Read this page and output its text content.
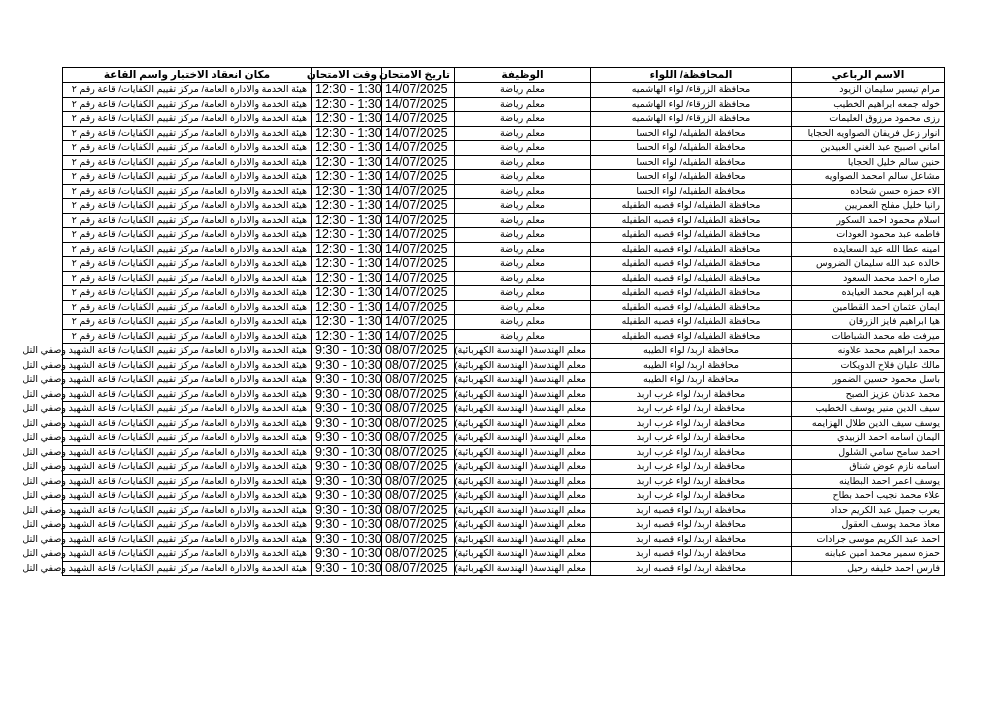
الاسم الرباعي	المحافظة/ اللواء	الوظيفة	تاريخ الامتحان	وقت الامتحان	مكان انعقاد الاختبار واسم القاعة
مرام تيسير سليمان الزيود	محافظة الزرقاء/ لواء الهاشميه	معلم رياضة	14/07/2025	12:30 - 1:30	هيئة الخدمة والادارة العامة/ مركز تقييم الكفايات/ قاعة رقم ٢
خوله جمعه ابراهيم الخطيب	محافظة الزرقاء/ لواء الهاشميه	معلم رياضة	14/07/2025	12:30 - 1:30	هيئة الخدمة والادارة العامة/ مركز تقييم الكفايات/ قاعة رقم ٢
رزى محمود مرزوق العليمات	محافظة الزرقاء/ لواء الهاشميه	معلم رياضة	14/07/2025	12:30 - 1:30	هيئة الخدمة والادارة العامة/ مركز تقييم الكفايات/ قاعة رقم ٢
انوار زعل فريفان الصواويه الحجايا	محافظة الطفيله/ لواء الحسا	معلم رياضة	14/07/2025	12:30 - 1:30	هيئة الخدمة والادارة العامة/ مركز تقييم الكفايات/ قاعة رقم ٢
اماني اصبيح عبد الغني العبيدين	محافظة الطفيله/ لواء الحسا	معلم رياضة	14/07/2025	12:30 - 1:30	هيئة الخدمة والادارة العامة/ مركز تقييم الكفايات/ قاعة رقم ٢
حنين سالم خليل الحجايا	محافظة الطفيله/ لواء الحسا	معلم رياضة	14/07/2025	12:30 - 1:30	هيئة الخدمة والادارة العامة/ مركز تقييم الكفايات/ قاعة رقم ٢
مشاعل سالم امحمد الصواويه	محافظة الطفيله/ لواء الحسا	معلم رياضة	14/07/2025	12:30 - 1:30	هيئة الخدمة والادارة العامة/ مركز تقييم الكفايات/ قاعة رقم ٢
الاء حمزه حسن شحاده	محافظة الطفيله/ لواء الحسا	معلم رياضة	14/07/2025	12:30 - 1:30	هيئة الخدمة والادارة العامة/ مركز تقييم الكفايات/ قاعة رقم ٢
رانيا خليل مفلح العمريين	محافظة الطفيله/ لواء قصبه الطفيله	معلم رياضة	14/07/2025	12:30 - 1:30	هيئة الخدمة والادارة العامة/ مركز تقييم الكفايات/ قاعة رقم ٢
اسلام محمود احمد السكور	محافظة الطفيله/ لواء قصبه الطفيله	معلم رياضة	14/07/2025	12:30 - 1:30	هيئة الخدمة والادارة العامة/ مركز تقييم الكفايات/ قاعة رقم ٢
فاطمه عبد محمود العودات	محافظة الطفيله/ لواء قصبه الطفيله	معلم رياضة	14/07/2025	12:30 - 1:30	هيئة الخدمة والادارة العامة/ مركز تقييم الكفايات/ قاعة رقم ٢
امينه عطا الله عيد السعايده	محافظة الطفيله/ لواء قصبه الطفيله	معلم رياضة	14/07/2025	12:30 - 1:30	هيئة الخدمة والادارة العامة/ مركز تقييم الكفايات/ قاعة رقم ٢
خالده عبد الله سليمان الضروس	محافظة الطفيله/ لواء قصبه الطفيله	معلم رياضة	14/07/2025	12:30 - 1:30	هيئة الخدمة والادارة العامة/ مركز تقييم الكفايات/ قاعة رقم ٢
صاره احمد محمد السعود	محافظة الطفيله/ لواء قصبه الطفيله	معلم رياضة	14/07/2025	12:30 - 1:30	هيئة الخدمة والادارة العامة/ مركز تقييم الكفايات/ قاعة رقم ٢
هيه ابراهيم محمد العيايده	محافظة الطفيله/ لواء قصبه الطفيله	معلم رياضة	14/07/2025	12:30 - 1:30	هيئة الخدمة والادارة العامة/ مركز تقييم الكفايات/ قاعة رقم ٢
ايمان عثمان احمد القطامين	محافظة الطفيله/ لواء قصبه الطفيله	معلم رياضة	14/07/2025	12:30 - 1:30	هيئة الخدمة والادارة العامة/ مركز تقييم الكفايات/ قاعة رقم ٢
هيا ابراهيم فايز الزرقان	محافظة الطفيله/ لواء قصبه الطفيله	معلم رياضة	14/07/2025	12:30 - 1:30	هيئة الخدمة والادارة العامة/ مركز تقييم الكفايات/ قاعة رقم ٢
ميرفت طه محمد الشباطات	محافظة الطفيله/ لواء قصبه الطفيله	معلم رياضة	14/07/2025	12:30 - 1:30	هيئة الخدمة والادارة العامة/ مركز تقييم الكفايات/ قاعة رقم ٢
محمد ابراهيم محمد علاونه	محافظة اربد/ لواء الطيبه	معلم الهندسة( الهندسة الكهربائية)	08/07/2025	9:30 - 10:30	هيئة الخدمة والادارة العامة/ مركز تقييم الكفايات/ قاعة الشهيد وصفي التل
مالك عليان فلاح الدويكات	محافظة اربد/ لواء الطيبه	معلم الهندسة( الهندسة الكهربائية)	08/07/2025	9:30 - 10:30	هيئة الخدمة والادارة العامة/ مركز تقييم الكفايات/ قاعة الشهيد وصفي التل
باسل محمود حسين الضمور	محافظة اربد/ لواء الطيبه	معلم الهندسة( الهندسة الكهربائية)	08/07/2025	9:30 - 10:30	هيئة الخدمة والادارة العامة/ مركز تقييم الكفايات/ قاعة الشهيد وصفي التل
محمد عدنان عزيز الصبح	محافظة اربد/ لواء غرب اربد	معلم الهندسة( الهندسة الكهربائية)	08/07/2025	9:30 - 10:30	هيئة الخدمة والادارة العامة/ مركز تقييم الكفايات/ قاعة الشهيد وصفي التل
سيف الدين منير يوسف الخطيب	محافظة اربد/ لواء غرب اربد	معلم الهندسة( الهندسة الكهربائية)	08/07/2025	9:30 - 10:30	هيئة الخدمة والادارة العامة/ مركز تقييم الكفايات/ قاعة الشهيد وصفي التل
يوسف سيف الدين طلال الهزايمه	محافظة اربد/ لواء غرب اربد	معلم الهندسة( الهندسة الكهربائية)	08/07/2025	9:30 - 10:30	هيئة الخدمة والادارة العامة/ مركز تقييم الكفايات/ قاعة الشهيد وصفي التل
اليمان اسامه احمد الزبيدي	محافظة اربد/ لواء غرب اربد	معلم الهندسة( الهندسة الكهربائية)	08/07/2025	9:30 - 10:30	هيئة الخدمة والادارة العامة/ مركز تقييم الكفايات/ قاعة الشهيد وصفي التل
احمد سامح سامي الشلول	محافظة اربد/ لواء غرب اربد	معلم الهندسة( الهندسة الكهربائية)	08/07/2025	9:30 - 10:30	هيئة الخدمة والادارة العامة/ مركز تقييم الكفايات/ قاعة الشهيد وصفي التل
اسامه نازم عوض شناق	محافظة اربد/ لواء غرب اربد	معلم الهندسة( الهندسة الكهربائية)	08/07/2025	9:30 - 10:30	هيئة الخدمة والادارة العامة/ مركز تقييم الكفايات/ قاعة الشهيد وصفي التل
يوسف اعمر احمد البطاينه	محافظة اربد/ لواء غرب اربد	معلم الهندسة( الهندسة الكهربائية)	08/07/2025	9:30 - 10:30	هيئة الخدمة والادارة العامة/ مركز تقييم الكفايات/ قاعة الشهيد وصفي التل
علاء محمد نجيب احمد بطاح	محافظة اربد/ لواء غرب اربد	معلم الهندسة( الهندسة الكهربائية)	08/07/2025	9:30 - 10:30	هيئة الخدمة والادارة العامة/ مركز تقييم الكفايات/ قاعة الشهيد وصفي التل
يعرب جميل عبد الكريم حداد	محافظة اربد/ لواء قصبه اربد	معلم الهندسة( الهندسة الكهربائية)	08/07/2025	9:30 - 10:30	هيئة الخدمة والادارة العامة/ مركز تقييم الكفايات/ قاعة الشهيد وصفي التل
معاذ محمد يوسف العقول	محافظة اربد/ لواء قصبه اربد	معلم الهندسة( الهندسة الكهربائية)	08/07/2025	9:30 - 10:30	هيئة الخدمة والادارة العامة/ مركز تقييم الكفايات/ قاعة الشهيد وصفي التل
احمد عبد الكريم موسى جرادات	محافظة اربد/ لواء قصبه اربد	معلم الهندسة( الهندسة الكهربائية)	08/07/2025	9:30 - 10:30	هيئة الخدمة والادارة العامة/ مركز تقييم الكفايات/ قاعة الشهيد وصفي التل
حمزه سمير محمد امين عبابنه	محافظة اربد/ لواء قصبه اربد	معلم الهندسة( الهندسة الكهربائية)	08/07/2025	9:30 - 10:30	هيئة الخدمة والادارة العامة/ مركز تقييم الكفايات/ قاعة الشهيد وصفي التل
فارس احمد خليفه رحيل	محافظة اربد/ لواء قصبه اربد	معلم الهندسة( الهندسة الكهربائية)	08/07/2025	9:30 - 10:30	هيئة الخدمة والادارة العامة/ مركز تقييم الكفايات/ قاعة الشهيد وصفي التل
